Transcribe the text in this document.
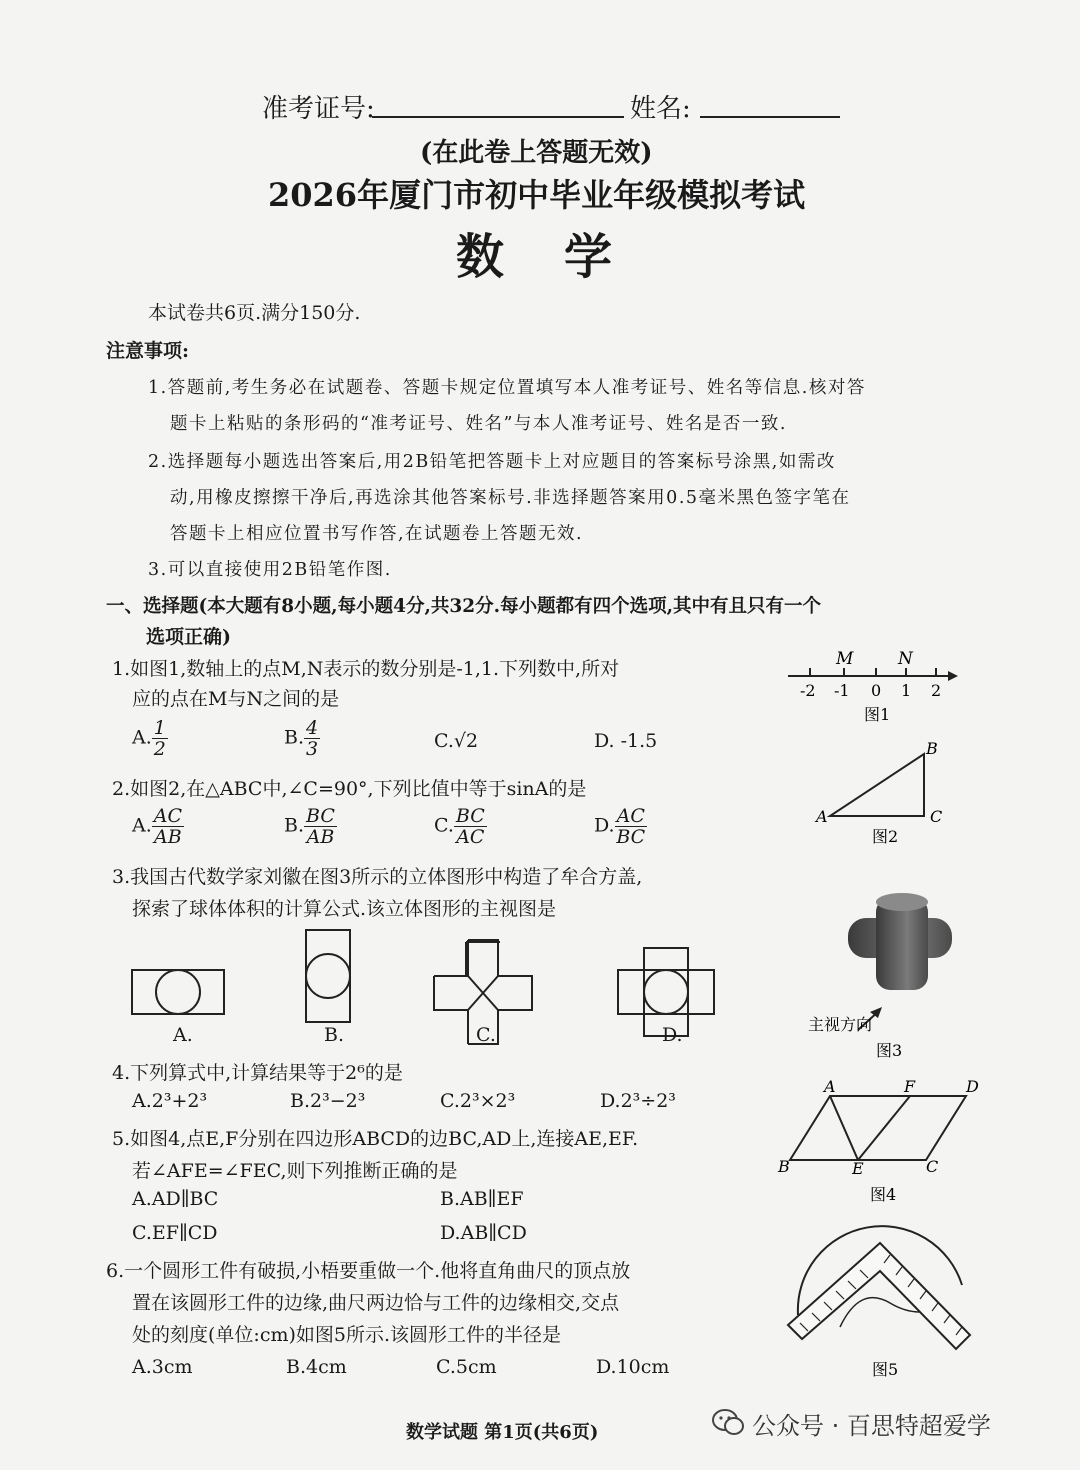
准考证号:	姓名:
(在此卷上答题无效)
2026年厦门市初中毕业年级模拟考试
数学
本试卷共6页.满分150分.
注意事项:
1.答题前,考生务必在试题卷、答题卡规定位置填写本人准考证号、姓名等信息.核对答
题卡上粘贴的条形码的“准考证号、姓名”与本人准考证号、姓名是否一致.
2.选择题每小题选出答案后,用2B铅笔把答题卡上对应题目的答案标号涂黑,如需改
动,用橡皮擦擦干净后,再选涂其他答案标号.非选择题答案用0.5毫米黑色签字笔在
答题卡上相应位置书写作答,在试题卷上答题无效.
3.可以直接使用2B铅笔作图.
一、选择题(本大题有8小题,每小题4分,共32分.每小题都有四个选项,其中有且只有一个
选项正确)
1.如图1,数轴上的点M,N表示的数分别是-1,1.下列数中,所对
应的点在M与N之间的是
A. $\frac{1}{2}$	B. $\frac{4}{3}$	C.√2	D. -1.5
2.如图2,在△ABC中,∠C=90°,下列比值中等于sinA的是
A. $\frac{AC}{AB}$	B. $\frac{BC}{AB}$	C. $\frac{BC}{AC}$	D. $\frac{AC}{BC}$
3.我国古代数学家刘徽在图3所示的立体图形中构造了牟合方盖,
探索了球体体积的计算公式.该立体图形的主视图是
A.	B.	C.	D.
4.下列算式中,计算结果等于2⁶的是
A.2³+2³	B.2³−2³	C.2³×2³	D.2³÷2³
5.如图4,点E,F分别在四边形ABCD的边BC,AD上,连接AE,EF.
若∠AFE=∠FEC,则下列推断正确的是
A.AD∥BC	B.AB∥EF
C.EF∥CD	D.AB∥CD
6.一个圆形工件有破损,小梧要重做一个.他将直角曲尺的顶点放
置在该圆形工件的边缘,曲尺两边恰与工件的边缘相交,交点
处的刻度(单位:cm)如图5所示.该圆形工件的半径是
A.3cm	B.4cm	C.5cm	D.10cm
M	N
-2 -1 0 1 2
图1
A
B
C
图2
主视方向
图3
A	F	D
B	E	C
图4
图5
数学试题 第1页(共6页)	公众号 · 百思特超爱学
